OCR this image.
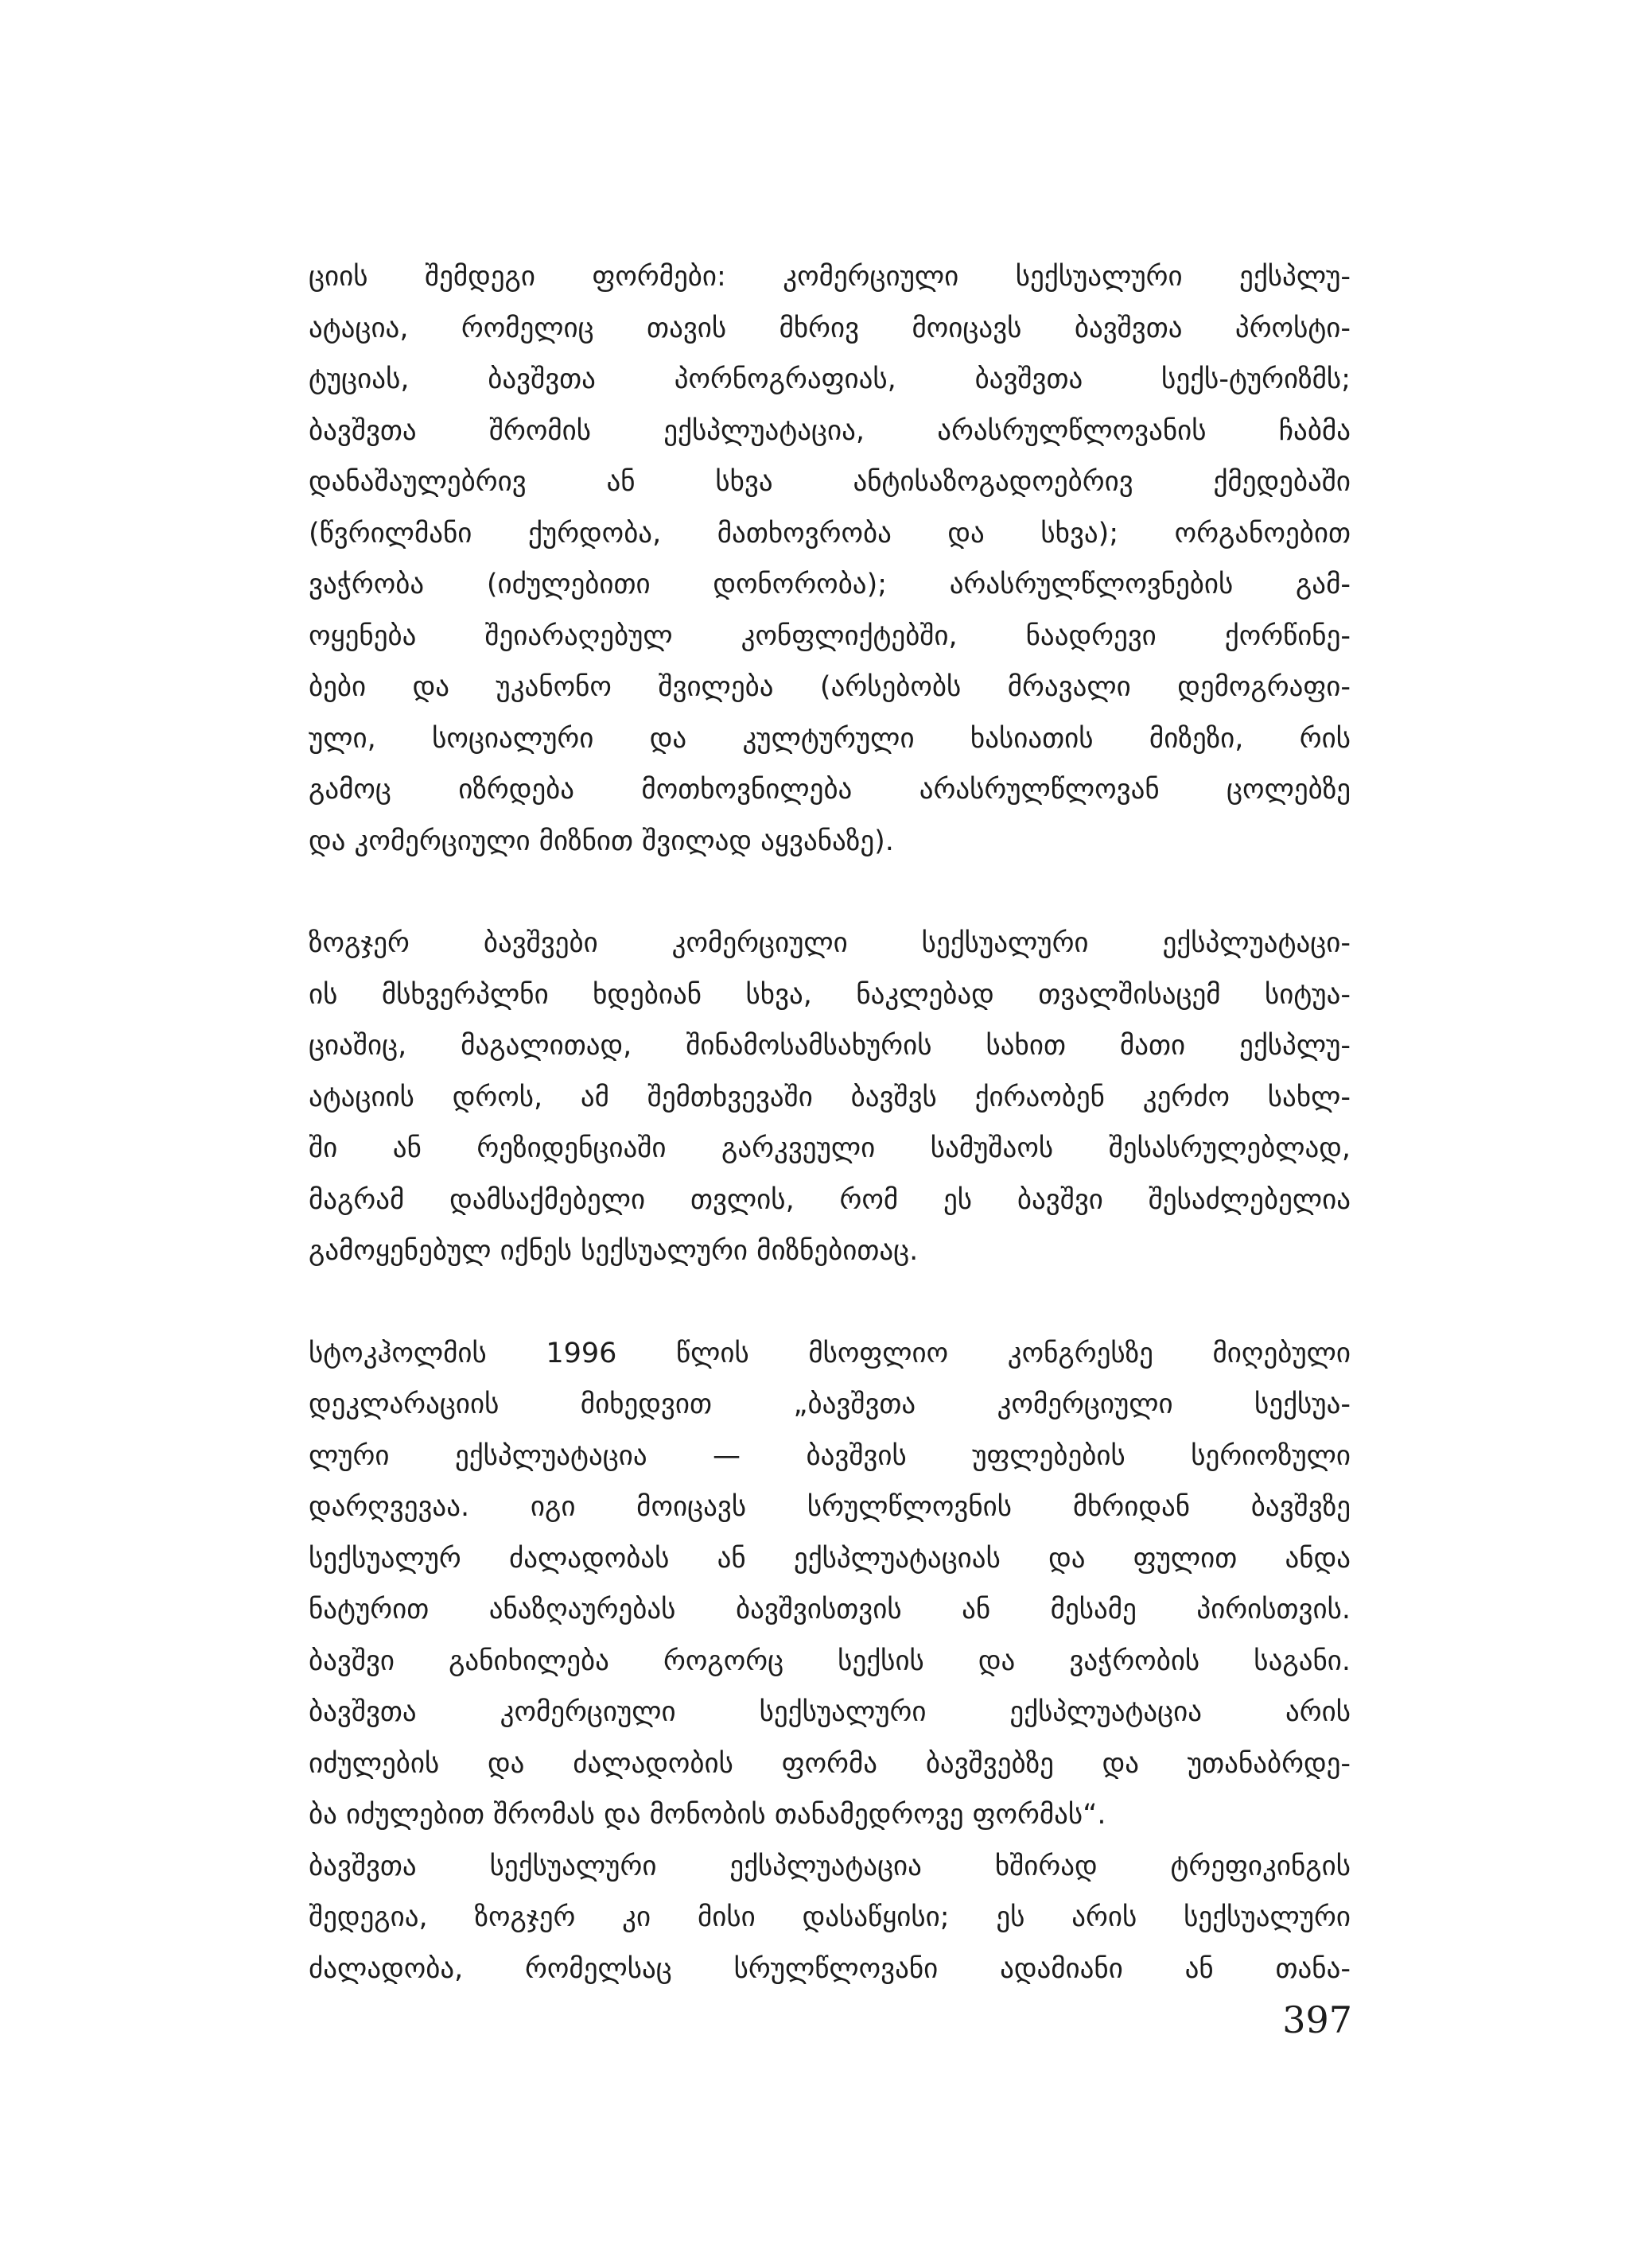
ციის შემდეგი ფორმები: კომერციული სექსუალური ექსპლუ-
ატაცია, რომელიც თავის მხრივ მოიცავს ბავშვთა პროსტი-
ტუციას, ბავშვთა პორნოგრაფიას, ბავშვთა სექს-ტურიზმს;
ბავშვთა შრომის ექსპლუატაცია, არასრულწლოვანის ჩაბმა
დანაშაულებრივ ან სხვა ანტისაზოგადოებრივ ქმედებაში
(წვრილმანი ქურდობა, მათხოვრობა და სხვა); ორგანოებით
ვაჭრობა (იძულებითი დონორობა); არასრულწლოვნების გამ-
ოყენება შეიარაღებულ კონფლიქტებში, ნაადრევი ქორწინე-
ბები და უკანონო შვილება (არსებობს მრავალი დემოგრაფი-
ული, სოციალური და კულტურული ხასიათის მიზეზი, რის
გამოც იზრდება მოთხოვნილება არასრულწლოვან ცოლებზე
და კომერციული მიზნით შვილად აყვანაზე).

ზოგჯერ ბავშვები კომერციული სექსუალური ექსპლუატაცი-
ის მსხვერპლნი ხდებიან სხვა, ნაკლებად თვალშისაცემ სიტუა-
ციაშიც, მაგალითად, შინამოსამსახურის სახით მათი ექსპლუ-
ატაციის დროს, ამ შემთხვევაში ბავშვს ქირაობენ კერძო სახლ-
ში ან რეზიდენციაში გარკვეული სამუშაოს შესასრულებლად,
მაგრამ დამსაქმებელი თვლის, რომ ეს ბავშვი შესაძლებელია
გამოყენებულ იქნეს სექსუალური მიზნებითაც.

სტოკჰოლმის 1996 წლის მსოფლიო კონგრესზე მიღებული
დეკლარაციის მიხედვით „ბავშვთა კომერციული სექსუა-
ლური ექსპლუატაცია — ბავშვის უფლებების სერიოზული
დარღვევაა. იგი მოიცავს სრულწლოვნის მხრიდან ბავშვზე
სექსუალურ ძალადობას ან ექსპლუატაციას და ფულით ანდა
ნატურით ანაზღაურებას ბავშვისთვის ან მესამე პირისთვის.
ბავშვი განიხილება როგორც სექსის და ვაჭრობის საგანი.
ბავშვთა კომერციული სექსუალური ექსპლუატაცია არის
იძულების და ძალადობის ფორმა ბავშვებზე და უთანაბრდე-
ბა იძულებით შრომას და მონობის თანამედროვე ფორმას“.

ბავშვთა სექსუალური ექსპლუატაცია ხშირად ტრეფიკინგის
შედეგია, ზოგჯერ კი მისი დასაწყისი; ეს არის სექსუალური
ძალადობა, რომელსაც სრულწლოვანი ადამიანი ან თანა-

397
